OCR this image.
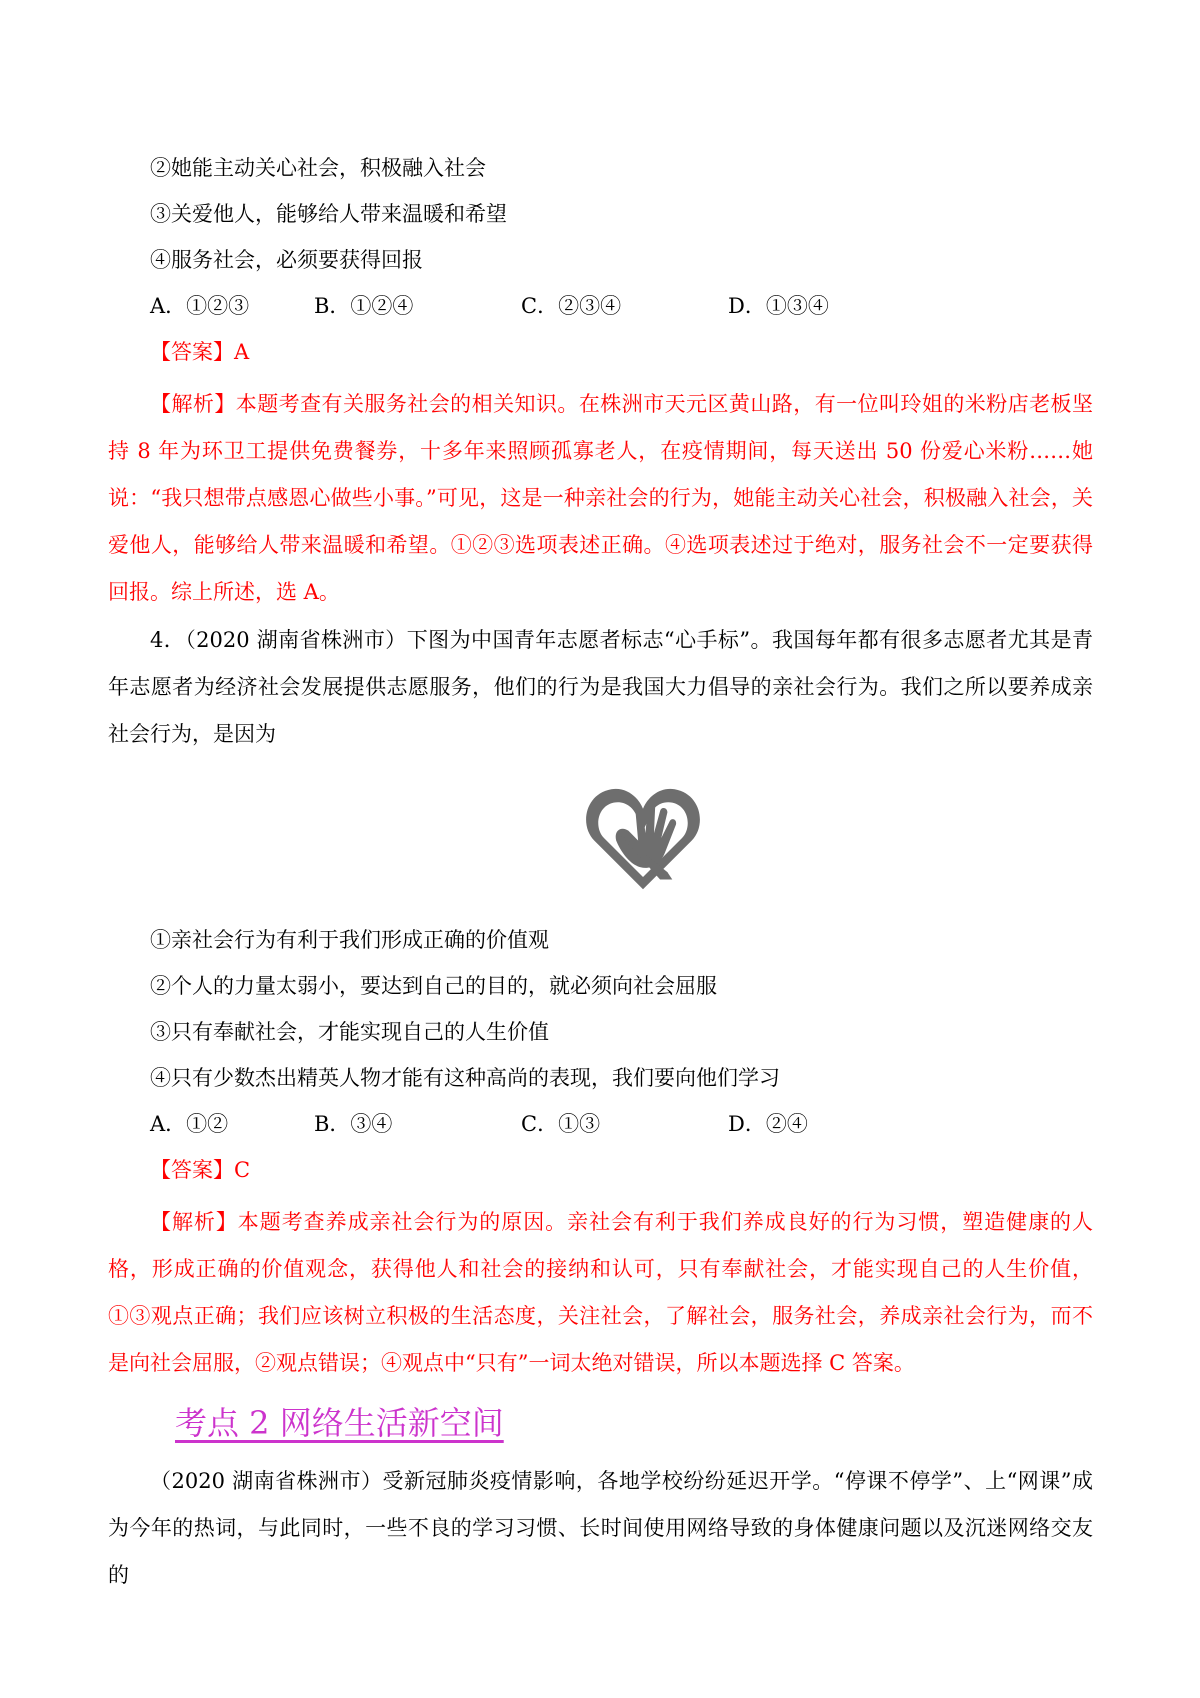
②她能主动关心社会，积极融入社会
③关爱他人，能够给人带来温暖和希望
④服务社会，必须要获得回报
A．①②③	B．①②④	C．②③④	D．①③④
【答案】A
【解析】本题考查有关服务社会的相关知识。在株洲市天元区黄山路，有一位叫玲姐的米粉店老板坚持 8 年为环卫工提供免费餐券，十多年来照顾孤寡老人，在疫情期间，每天送出 50 份爱心米粉……她说：“我只想带点感恩心做些小事。”可见，这是一种亲社会的行为，她能主动关心社会，积极融入社会，关爱他人，能够给人带来温暖和希望。①②③选项表述正确。④选项表述过于绝对，服务社会不一定要获得回报。综上所述，选 A。
4．（2020 湖南省株洲市）下图为中国青年志愿者标志“心手标”。我国每年都有很多志愿者尤其是青年志愿者为经济社会发展提供志愿服务，他们的行为是我国大力倡导的亲社会行为。我们之所以要养成亲社会行为，是因为
①亲社会行为有利于我们形成正确的价值观
②个人的力量太弱小，要达到自己的目的，就必须向社会屈服
③只有奉献社会，才能实现自己的人生价值
④只有少数杰出精英人物才能有这种高尚的表现，我们要向他们学习
A．①②	B．③④	C．①③	D．②④
【答案】C
【解析】本题考查养成亲社会行为的原因。亲社会有利于我们养成良好的行为习惯，塑造健康的人格，形成正确的价值观念，获得他人和社会的接纳和认可，只有奉献社会，才能实现自己的人生价值，①③观点正确；我们应该树立积极的生活态度，关注社会，了解社会，服务社会，养成亲社会行为，而不是向社会屈服，②观点错误；④观点中“只有”一词太绝对错误，所以本题选择 C 答案。
考点 2 网络生活新空间
（2020 湖南省株洲市）受新冠肺炎疫情影响，各地学校纷纷延迟开学。“停课不停学”、上“网课”成为今年的热词，与此同时，一些不良的学习习惯、长时间使用网络导致的身体健康问题以及沉迷网络交友的
